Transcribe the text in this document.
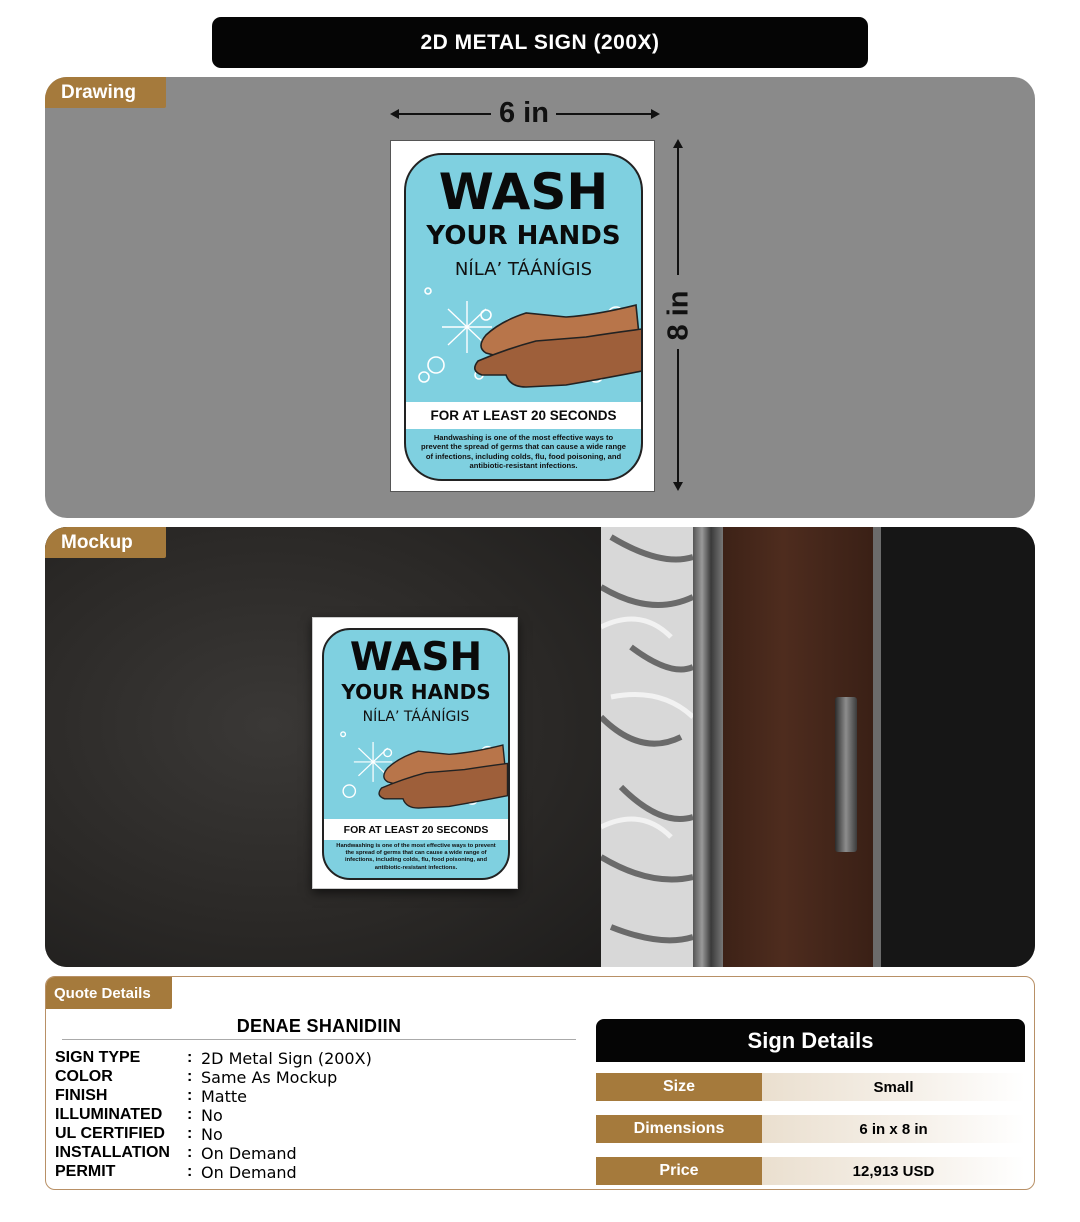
2D METAL SIGN (200X)
Drawing
6 in
8 in
WASH
YOUR HANDS
NÍLA’ TÁÁNÍGIS
FOR AT LEAST 20 SECONDS
Handwashing is one of the most effective ways to prevent the spread of germs that can cause a wide range of infections, including colds, flu, food poisoning, and antibiotic-resistant infections.
Mockup
WASH
YOUR HANDS
NÍLA’ TÁÁNÍGIS
FOR AT LEAST 20 SECONDS
Handwashing is one of the most effective ways to prevent the spread of germs that can cause a wide range of infections, including colds, flu, food poisoning, and antibiotic-resistant infections.
Quote Details
DENAE SHANIDIIN
SIGN TYPE	: 2D Metal Sign (200X)
COLOR	: Same As Mockup
FINISH	: Matte
ILLUMINATED	: No
UL CERTIFIED	: No
INSTALLATION	: On Demand
PERMIT	: On Demand
Sign Details
Size	Small
Dimensions	6 in x 8 in
Price	12,913 USD
